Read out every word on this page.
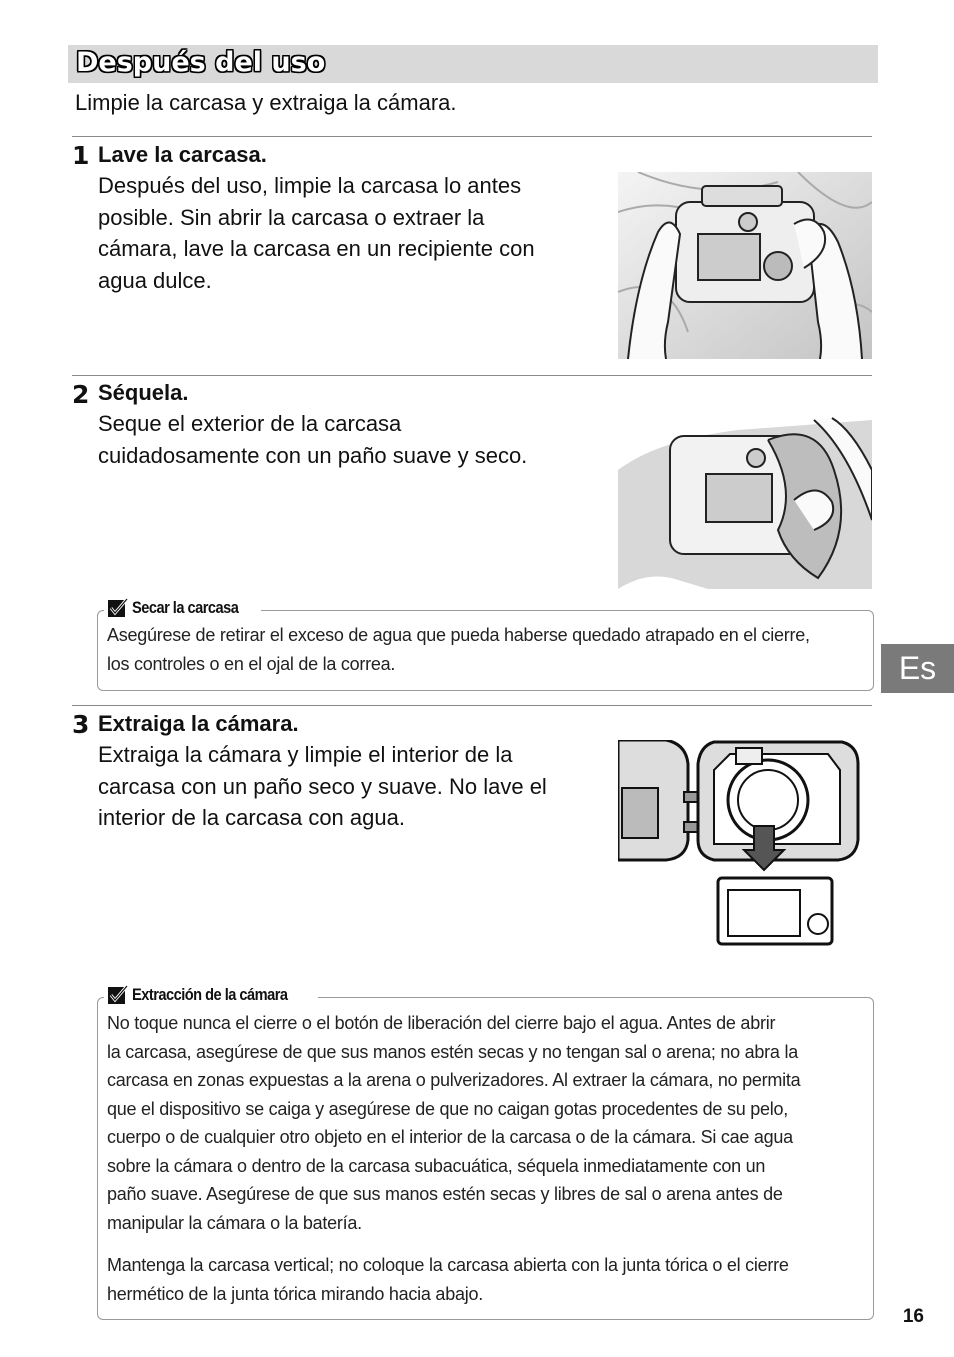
Después del uso
Limpie la carcasa y extraiga la cámara.
1 Lave la carcasa.
Después del uso, limpie la carcasa lo antes
posible. Sin abrir la carcasa o extraer la
cámara, lave la carcasa en un recipiente con
agua dulce.
2 Séquela.
Seque el exterior de la carcasa
cuidadosamente con un paño suave y seco.
Secar la carcasa
Asegúrese de retirar el exceso de agua que pueda haberse quedado atrapado en el cierre,
los controles o en el ojal de la correa.
3 Extraiga la cámara.
Extraiga la cámara y limpie el interior de la
carcasa con un paño seco y suave. No lave el
interior de la carcasa con agua.
Extracción de la cámara
No toque nunca el cierre o el botón de liberación del cierre bajo el agua. Antes de abrir
la carcasa, asegúrese de que sus manos estén secas y no tengan sal o arena; no abra la
carcasa en zonas expuestas a la arena o pulverizadores. Al extraer la cámara, no permita
que el dispositivo se caiga y asegúrese de que no caigan gotas procedentes de su pelo,
cuerpo o de cualquier otro objeto en el interior de la carcasa o de la cámara. Si cae agua
sobre la cámara o dentro de la carcasa subacuática, séquela inmediatamente con un
paño suave. Asegúrese de que sus manos estén secas y libres de sal o arena antes de
manipular la cámara o la batería.
Mantenga la carcasa vertical; no coloque la carcasa abierta con la junta tórica o el cierre
hermético de la junta tórica mirando hacia abajo.
Es
16
